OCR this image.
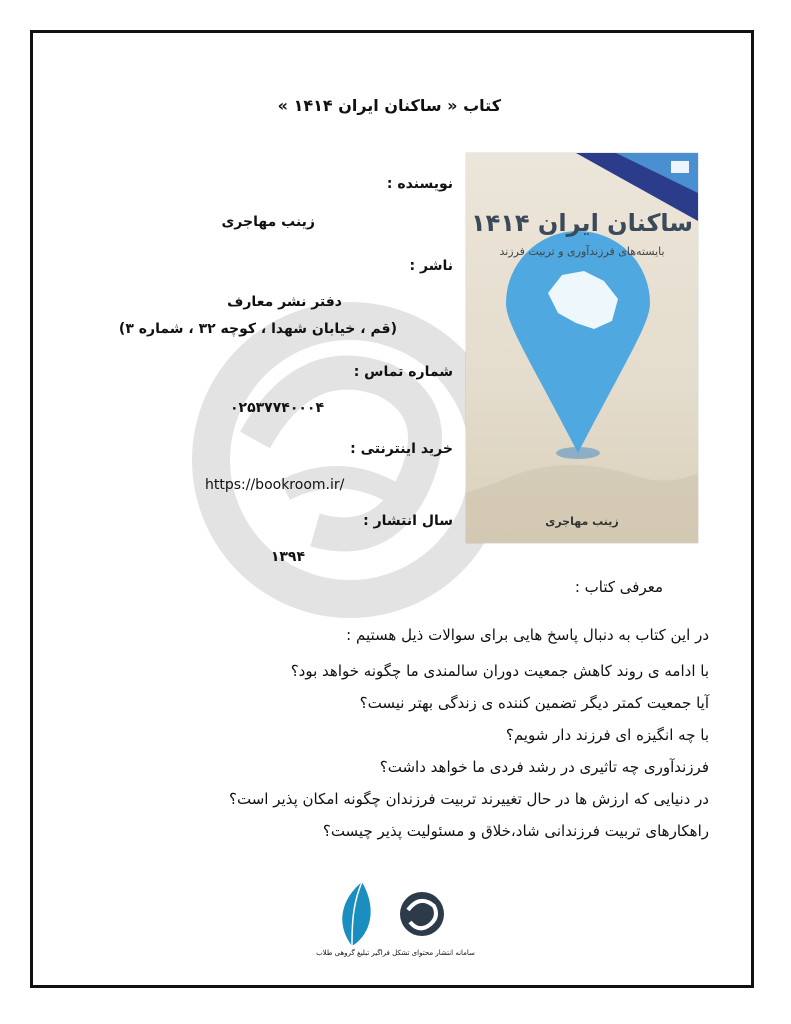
کتاب « ساکنان ایران ۱۴۱۴ »
نویسنده :
زینب مهاجری
ناشر :
دفتر نشر معارف
(قم ، خیابان شهدا ، کوچه ۳۲ ، شماره ۳)
شماره تماس :
۰۲۵۳۷۷۴۰۰۰۴
خرید اینترنتی :
https://bookroom.ir/
سال انتشار :
۱۳۹۴
ساکنان ایران ۱۴۱۴
بایسته‌های فرزندآوری و تربیت فرزند
زینب مهاجری
معرفی کتاب :
در این کتاب به دنبال پاسخ هایی برای سوالات ذیل هستیم :
با ادامه ی روند کاهش جمعیت دوران سالمندی ما چگونه خواهد بود؟
آیا جمعیت کمتر دیگر تضمین کننده ی زندگی بهتر نیست؟
با چه انگیزه ای فرزند دار شویم؟
فرزندآوری چه تاثیری در رشد فردی ما خواهد داشت؟
در دنیایی که ارزش ها در حال تغییرند تربیت فرزندان چگونه امکان پذیر است؟
راهکارهای تربیت فرزندانی شاد،خلاق و مسئولیت پذیر چیست؟
سامانه انتشار محتوای تشکل فراگیر تبلیغ گروهی طلاب
